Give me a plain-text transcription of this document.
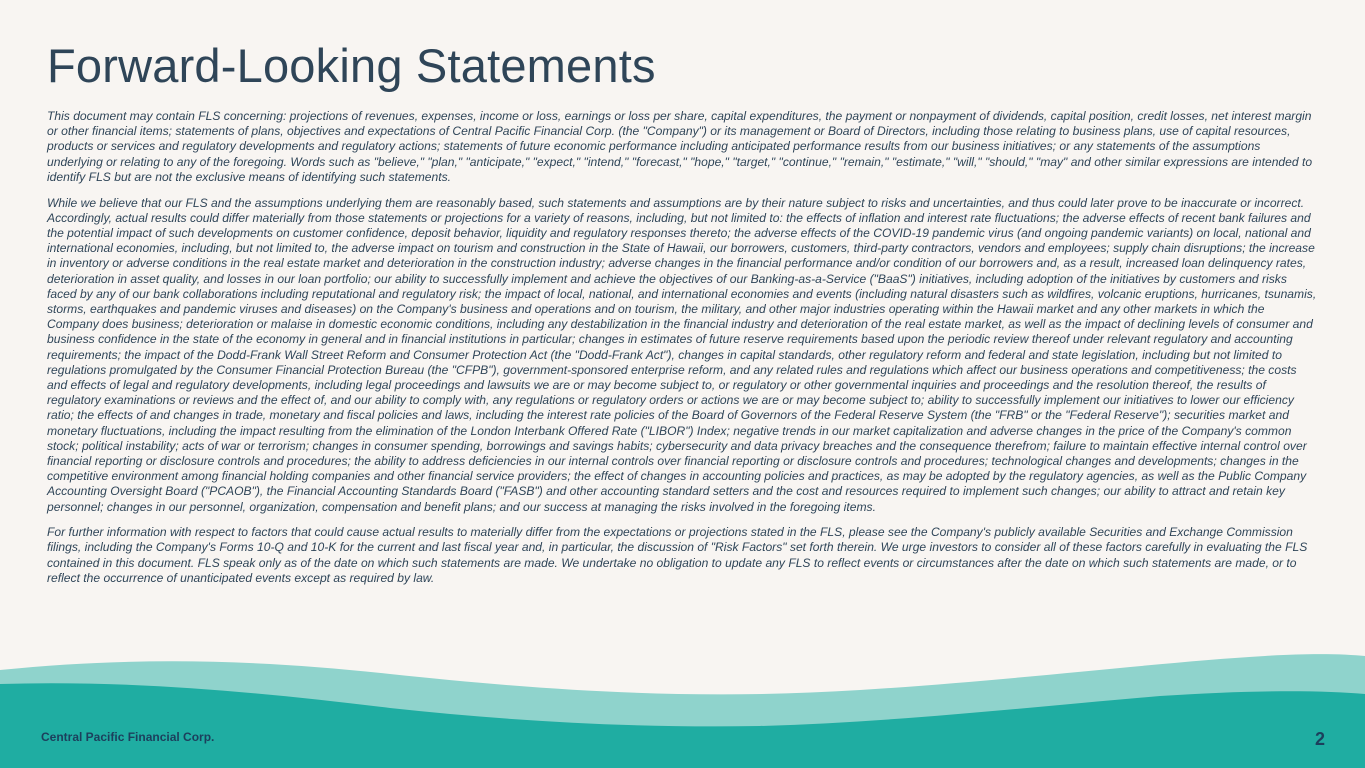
Forward-Looking Statements

This document may contain FLS concerning: projections of revenues, expenses, income or loss, earnings or loss per share, capital expenditures, the payment or nonpayment of dividends, capital position, credit losses, net interest margin or other financial items; statements of plans, objectives and expectations of Central Pacific Financial Corp. (the "Company") or its management or Board of Directors, including those relating to business plans, use of capital resources, products or services and regulatory developments and regulatory actions; statements of future economic performance including anticipated performance results from our business initiatives; or any statements of the assumptions underlying or relating to any of the foregoing. Words such as "believe," "plan," "anticipate," "expect," "intend," "forecast," "hope," "target," "continue," "remain," "estimate," "will," "should," "may" and other similar expressions are intended to identify FLS but are not the exclusive means of identifying such statements.

While we believe that our FLS and the assumptions underlying them are reasonably based, such statements and assumptions are by their nature subject to risks and uncertainties, and thus could later prove to be inaccurate or incorrect. Accordingly, actual results could differ materially from those statements or projections for a variety of reasons, including, but not limited to: the effects of inflation and interest rate fluctuations; the adverse effects of recent bank failures and the potential impact of such developments on customer confidence, deposit behavior, liquidity and regulatory responses thereto; the adverse effects of the COVID-19 pandemic virus (and ongoing pandemic variants) on local, national and international economies, including, but not limited to, the adverse impact on tourism and construction in the State of Hawaii, our borrowers, customers, third-party contractors, vendors and employees; supply chain disruptions; the increase in inventory or adverse conditions in the real estate market and deterioration in the construction industry; adverse changes in the financial performance and/or condition of our borrowers and, as a result, increased loan delinquency rates, deterioration in asset quality, and losses in our loan portfolio; our ability to successfully implement and achieve the objectives of our Banking-as-a-Service ("BaaS") initiatives, including adoption of the initiatives by customers and risks faced by any of our bank collaborations including reputational and regulatory risk; the impact of local, national, and international economies and events (including natural disasters such as wildfires, volcanic eruptions, hurricanes, tsunamis, storms, earthquakes and pandemic viruses and diseases) on the Company's business and operations and on tourism, the military, and other major industries operating within the Hawaii market and any other markets in which the Company does business; deterioration or malaise in domestic economic conditions, including any destabilization in the financial industry and deterioration of the real estate market, as well as the impact of declining levels of consumer and business confidence in the state of the economy in general and in financial institutions in particular; changes in estimates of future reserve requirements based upon the periodic review thereof under relevant regulatory and accounting requirements; the impact of the Dodd-Frank Wall Street Reform and Consumer Protection Act (the "Dodd-Frank Act"), changes in capital standards, other regulatory reform and federal and state legislation, including but not limited to regulations promulgated by the Consumer Financial Protection Bureau (the "CFPB"), government-sponsored enterprise reform, and any related rules and regulations which affect our business operations and competitiveness; the costs and effects of legal and regulatory developments, including legal proceedings and lawsuits we are or may become subject to, or regulatory or other governmental inquiries and proceedings and the resolution thereof, the results of regulatory examinations or reviews and the effect of, and our ability to comply with, any regulations or regulatory orders or actions we are or may become subject to; ability to successfully implement our initiatives to lower our efficiency ratio; the effects of and changes in trade, monetary and fiscal policies and laws, including the interest rate policies of the Board of Governors of the Federal Reserve System (the "FRB" or the "Federal Reserve"); securities market and monetary fluctuations, including the impact resulting from the elimination of the London Interbank Offered Rate ("LIBOR") Index; negative trends in our market capitalization and adverse changes in the price of the Company's common stock; political instability; acts of war or terrorism; changes in consumer spending, borrowings and savings habits; cybersecurity and data privacy breaches and the consequence therefrom; failure to maintain effective internal control over financial reporting or disclosure controls and procedures; the ability to address deficiencies in our internal controls over financial reporting or disclosure controls and procedures; technological changes and developments; changes in the competitive environment among financial holding companies and other financial service providers; the effect of changes in accounting policies and practices, as may be adopted by the regulatory agencies, as well as the Public Company Accounting Oversight Board ("PCAOB"), the Financial Accounting Standards Board ("FASB") and other accounting standard setters and the cost and resources required to implement such changes; our ability to attract and retain key personnel; changes in our personnel, organization, compensation and benefit plans; and our success at managing the risks involved in the foregoing items.

For further information with respect to factors that could cause actual results to materially differ from the expectations or projections stated in the FLS, please see the Company's publicly available Securities and Exchange Commission filings, including the Company's Forms 10-Q and 10-K for the current and last fiscal year and, in particular, the discussion of "Risk Factors" set forth therein. We urge investors to consider all of these factors carefully in evaluating the FLS contained in this document. FLS speak only as of the date on which such statements are made. We undertake no obligation to update any FLS to reflect events or circumstances after the date on which such statements are made, or to reflect the occurrence of unanticipated events except as required by law.

Central Pacific Financial Corp.	2
